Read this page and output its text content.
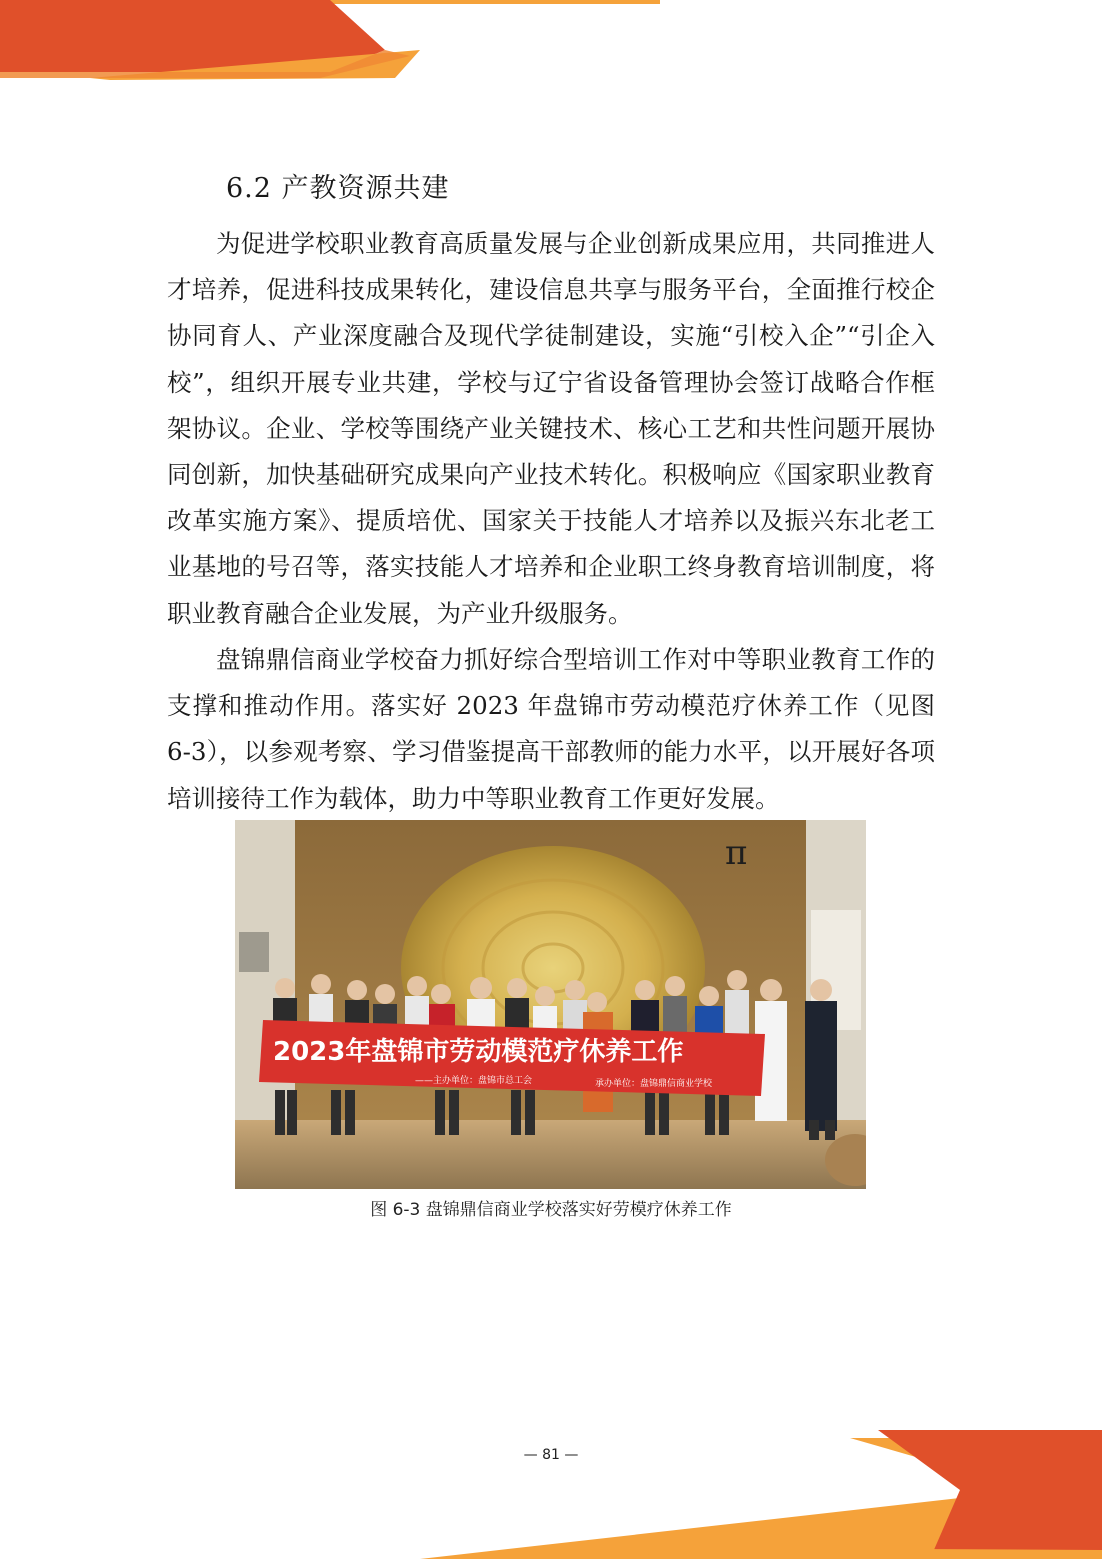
6.2 产教资源共建

为促进学校职业教育高质量发展与企业创新成果应用，共同推进人才培养，促进科技成果转化，建设信息共享与服务平台，全面推行校企协同育人、产业深度融合及现代学徒制建设，实施“引校入企”“引企入校”，组织开展专业共建，学校与辽宁省设备管理协会签订战略合作框架协议。企业、学校等围绕产业关键技术、核心工艺和共性问题开展协同创新，加快基础研究成果向产业技术转化。积极响应《国家职业教育改革实施方案》、提质培优、国家关于技能人才培养以及振兴东北老工业基地的号召等，落实技能人才培养和企业职工终身教育培训制度，将职业教育融合企业发展，为产业升级服务。

盘锦鼎信商业学校奋力抓好综合型培训工作对中等职业教育工作的支撑和推动作用。落实好 2023 年盘锦市劳动模范疗休养工作（见图 6-3），以参观考察、学习借鉴提高干部教师的能力水平，以开展好各项培训接待工作为载体，助力中等职业教育工作更好发展。

π
2023年盘锦市劳动模范疗休养工作
——主办单位：盘锦市总工会	承办单位：盘锦鼎信商业学校
图 6-3 盘锦鼎信商业学校落实好劳模疗休养工作
— 81 —
